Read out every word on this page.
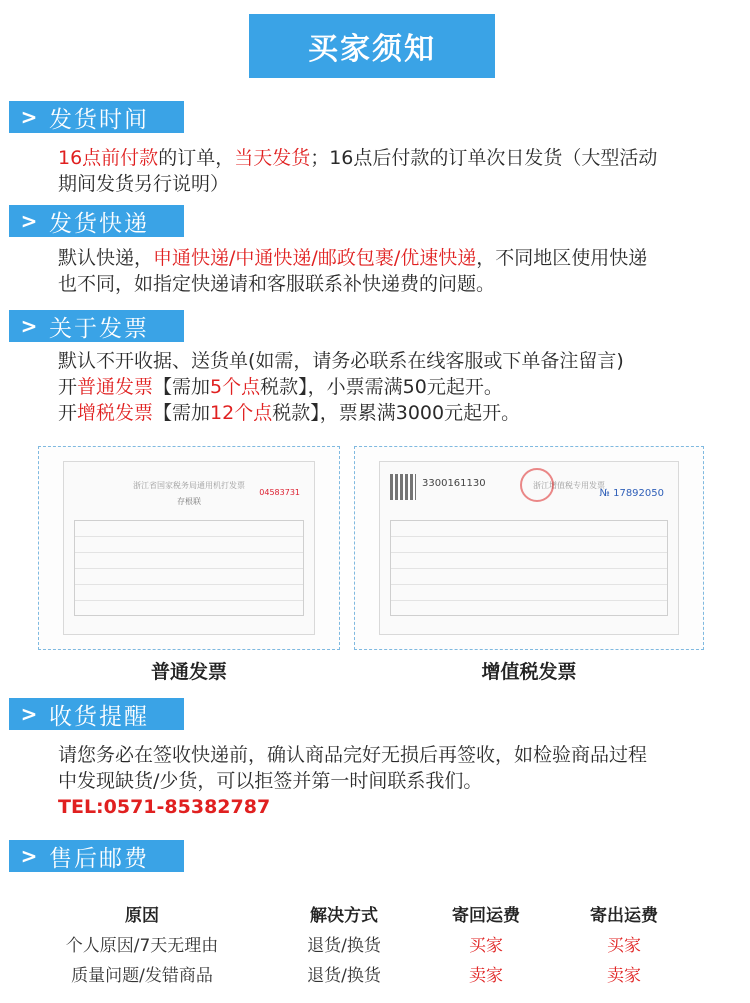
买家须知
> 发货时间
16点前付款的订单，当天发货；16点后付款的订单次日发货（大型活动
期间发货另行说明）
> 发货快递
默认快递，申通快递/中通快递/邮政包裹/优速快递，不同地区使用快递
也不同，如指定快递请和客服联系补快递费的问题。
> 关于发票
默认不开收据、送货单(如需，请务必联系在线客服或下单备注留言)
开普通发票【需加5个点税款】，小票需满50元起开。
开增税发票【需加12个点税款】，票累满3000元起开。
浙江省国家税务局通用机打发票
存根联
04583731
3300161130	浙江增值税专用发票
№ 17892050
普通发票	增值税发票
> 收货提醒
请您务必在签收快递前，确认商品完好无损后再签收，如检验商品过程
中发现缺货/少货，可以拒签并第一时间联系我们。
TEL:0571-85382787
> 售后邮费
原因	解决方式	寄回运费	寄出运费
个人原因/7天无理由	退货/换货	买家	买家
质量问题/发错商品	退货/换货	卖家	卖家
